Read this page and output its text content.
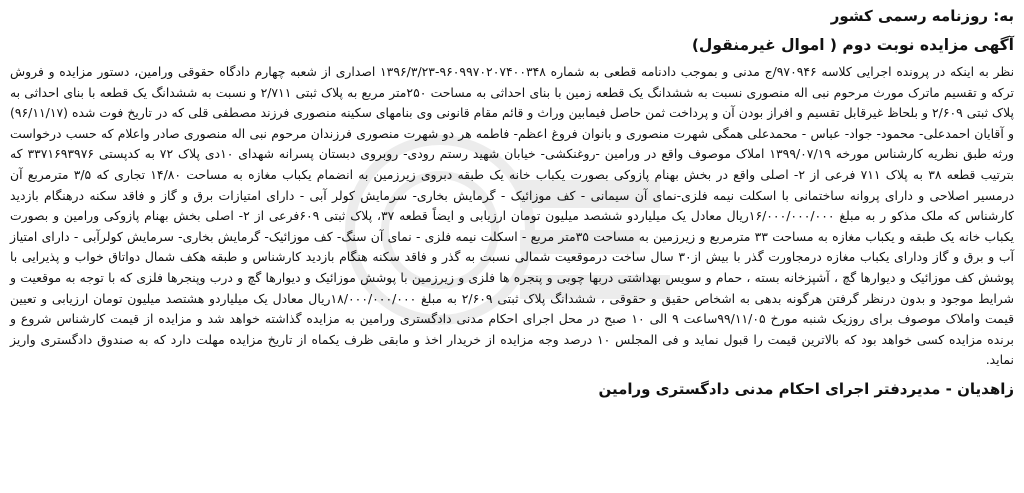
به: روزنامه رسمی کشور
آگهی مزایده نوبت دوم ( اموال غیرمنقول)

نظر به اینکه در پرونده اجرایی کلاسه ۹۷۰۹۴۶/ج مدنی و بموجب دادنامه قطعی به شماره ۹۶۰۹۹۷۰۲۰۷۴۰۰۳۴۸-۱۳۹۶/۳/۲۳ اصداری از شعبه چهارم دادگاه حقوقی ورامین، دستور مزایده و فروش ترکه و تقسیم ماترک مورث مرحوم نبی اله منصوری نسبت به ششدانگ یک قطعه زمین با بنای احداثی به مساحت ۲۵۰متر مربع به پلاک ثبتی ۲/۷۱۱ و نسبت به ششدانگ یک قطعه با بنای احداثی به پلاک ثبتی ۲/۶۰۹ و بلحاظ غیرقابل تقسیم و افراز بودن آن و پرداخت ثمن حاصل فیمابین وراث و قائم مقام قانونی وی بنامهای سکینه منصوری فرزند مصطفی قلی که در تاریخ فوت شده (۹۶/۱۱/۱۷) و آقایان احمدعلی- محمود- جواد- عباس - محمدعلی همگی شهرت منصوری و بانوان فروغ اعظم- فاطمه هر دو شهرت منصوری فرزندان مرحوم نبی اله منصوری صادر واعلام که حسب درخواست ورثه طبق نظریه کارشناس مورخه ۱۳۹۹/۰۷/۱۹ املاک موصوف واقع در ورامین -روغنکشی- خیابان شهید رستم رودی- روبروی دبستان پسرانه شهدای ۱۰دی پلاک ۷۲ به کدپستی ۳۳۷۱۶۹۳۹۷۶ که بترتیب قطعه ۳۸ به پلاک ۷۱۱ فرعی از ۲- اصلی واقع در بخش بهنام پازوکی بصورت یکباب خانه یک طبقه دبروی زیرزمین به انضمام یکباب مغازه به مساحت ۱۴/۸۰ تجاری که ۳/۵ مترمربع آن درمسیر اصلاحی و دارای پروانه ساختمانی با اسکلت نیمه فلزی-نمای آن سیمانی - کف موزائیک - گرمایش بخاری- سرمایش کولر آبی - دارای امتیازات برق و گاز و فاقد سکنه درهنگام بازدید کارشناس که ملک مذکو ر به مبلغ ۱۶/۰۰۰/۰۰۰/۰۰۰ریال معادل یک میلیاردو ششصد میلیون تومان ارزیابی و ایضاً قطعه ۳۷، پلاک ثبتی ۶۰۹فرعی از ۲- اصلی بخش بهنام پازوکی ورامین و بصورت یکباب خانه یک طبقه و یکباب مغازه به مساحت ۳۳ مترمربع و زیرزمین به مساحت ۳۵متر مربع - اسکلت نیمه فلزی - نمای آن سنگ- کف موزائیک- گرمایش بخاری- سرمایش کولرآبی - دارای امتیاز آب و برق و گاز ودارای یکباب مغازه درمجاورت گذر با بیش از۳۰ سال ساخت درموقعیت شمالی نسبت به گذر و فاقد سکنه هنگام بازدید کارشناس و طبقه هکف شمال دواتاق خواب و پذیرایی با پوشش کف موزائیک و دیوارها گچ ، آشپزخانه بسته ، حمام و سویس بهداشتی دربها چوبی و پنجره ها فلزی و زیرزمین با پوشش موزائیک و دیوارها گچ و درب وپنجرها فلزی که با توجه به موقعیت و شرایط موجود و بدون درنظر گرفتن هرگونه بدهی به اشخاص حقیق و حقوقی ، ششدانگ پلاک ثبتی ۲/۶۰۹ به مبلغ ۱۸/۰۰۰/۰۰۰/۰۰۰ریال معادل یک میلیاردو هشتصد میلیون تومان ارزیابی و تعیین قیمت واملاک موصوف برای روزیک شنبه مورخ ۹۹/۱۱/۰۵ساعت ۹ الی ۱۰ صبح در محل اجرای احکام مدنی دادگستری ورامین به مزایده گذاشته خواهد شد و مزایده از قیمت کارشناس شروع و برنده مزایده کسی خواهد بود که بالاترین قیمت را قبول نماید و فی المجلس ۱۰ درصد وجه مزایده از خریدار اخذ و مابقی ظرف یکماه از تاریخ مزایده مهلت دارد که به صندوق دادگستری واریز نماید.

زاهدیان - مدیردفتر اجرای احکام مدنی دادگستری ورامین
